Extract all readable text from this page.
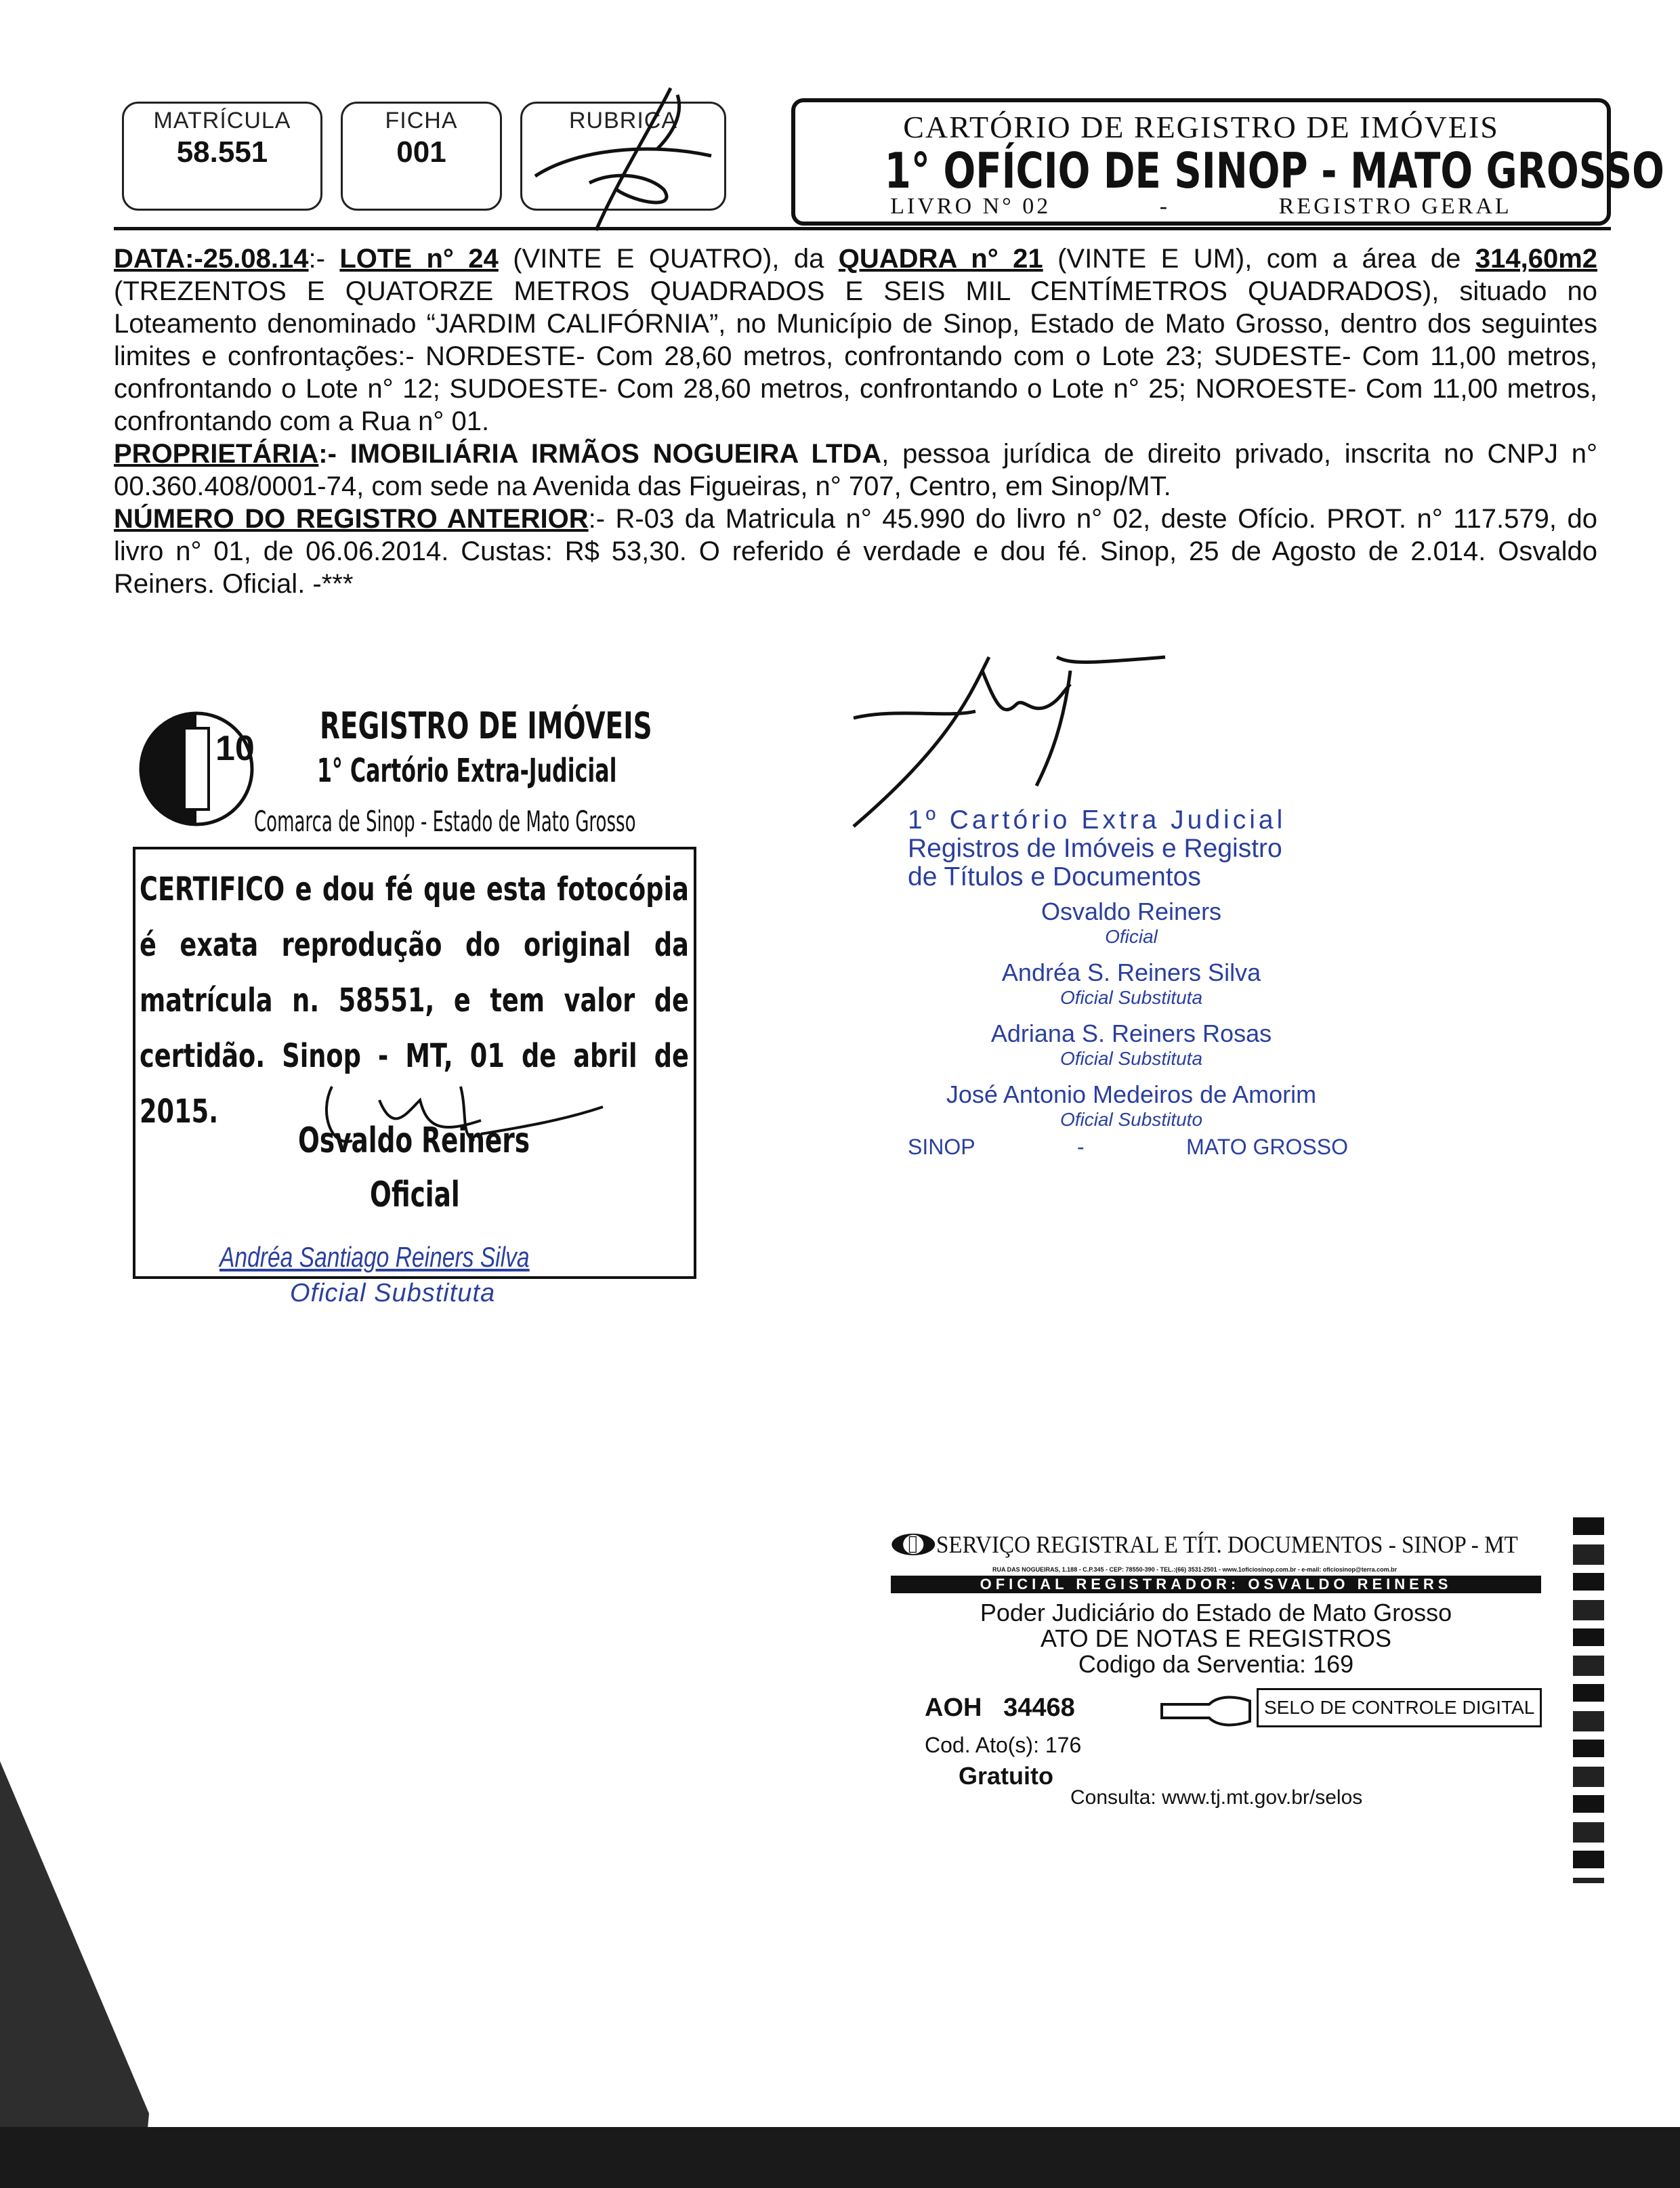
MATRÍCULA
58.551
FICHA
001
RUBRICA	CARTÓRIO DE REGISTRO DE IMÓVEIS
1° OFÍCIO DE SINOP - MATO GROSSO
LIVRO N° 02	-	REGISTRO GERAL

DATA:-25.08.14:- LOTE n° 24 (VINTE E QUATRO), da QUADRA n° 21 (VINTE E UM), com a área de 314,60m2 (TREZENTOS E QUATORZE METROS QUADRADOS E SEIS MIL CENTÍMETROS QUADRADOS), situado no Loteamento denominado “JARDIM CALIFÓRNIA”, no Município de Sinop, Estado de Mato Grosso, dentro dos seguintes limites e confrontações:- NORDESTE- Com 28,60 metros, confrontando com o Lote 23; SUDESTE- Com 11,00 metros, confrontando o Lote n° 12; SUDOESTE- Com 28,60 metros, confrontando o Lote n° 25; NOROESTE- Com 11,00 metros, confrontando com a Rua n° 01.

PROPRIETÁRIA:- IMOBILIÁRIA IRMÃOS NOGUEIRA LTDA, pessoa jurídica de direito privado, inscrita no CNPJ n° 00.360.408/0001-74, com sede na Avenida das Figueiras, n° 707, Centro, em Sinop/MT.

NÚMERO DO REGISTRO ANTERIOR:- R-03 da Matricula n° 45.990 do livro n° 02, deste Ofício. PROT. n° 117.579, do livro n° 01, de 06.06.2014. Custas: R$ 53,30. O referido é verdade e dou fé. Sinop, 25 de Agosto de 2.014. Osvaldo Reiners. Oficial. -***

10
OFÍCIO
REGISTRO DE IMÓVEIS
1° Cartório Extra-Judicial
Comarca de Sinop - Estado de Mato Grosso
CERTIFICO e dou fé que esta fotocópia é exata reprodução do original da matrícula n. 58551, e tem valor de certidão. Sinop - MT, 01 de abril de 2015.
Osvaldo Reiners
Oficial
Andréa Santiago Reiners Silva
Oficial Substituta
1º Cartório Extra Judicial
Registros de Imóveis e Registro
de Títulos e Documentos
Osvaldo Reiners
Oficial
Andréa S. Reiners Silva
Oficial Substituta
Adriana S. Reiners Rosas
Oficial Substituta
José Antonio Medeiros de Amorim
Oficial Substituto
SINOP	-	MATO GROSSO
SERVIÇO REGISTRAL E TÍT. DOCUMENTOS - SINOP - MT
RUA DAS NOGUEIRAS, 1.188 - C.P.345 - CEP: 78550-390 - TEL.:(66) 3531-2501 - www.1oficiosinop.com.br - e-mail: oficiosinop@terra.com.br
OFICIAL REGISTRADOR: OSVALDO REINERS
Poder Judiciário do Estado de Mato Grosso
ATO DE NOTAS E REGISTROS
Codigo da Serventia: 169
AOH   34468	SELO DE CONTROLE DIGITAL
Cod. Ato(s): 176
Gratuito
Consulta: www.tj.mt.gov.br/selos
